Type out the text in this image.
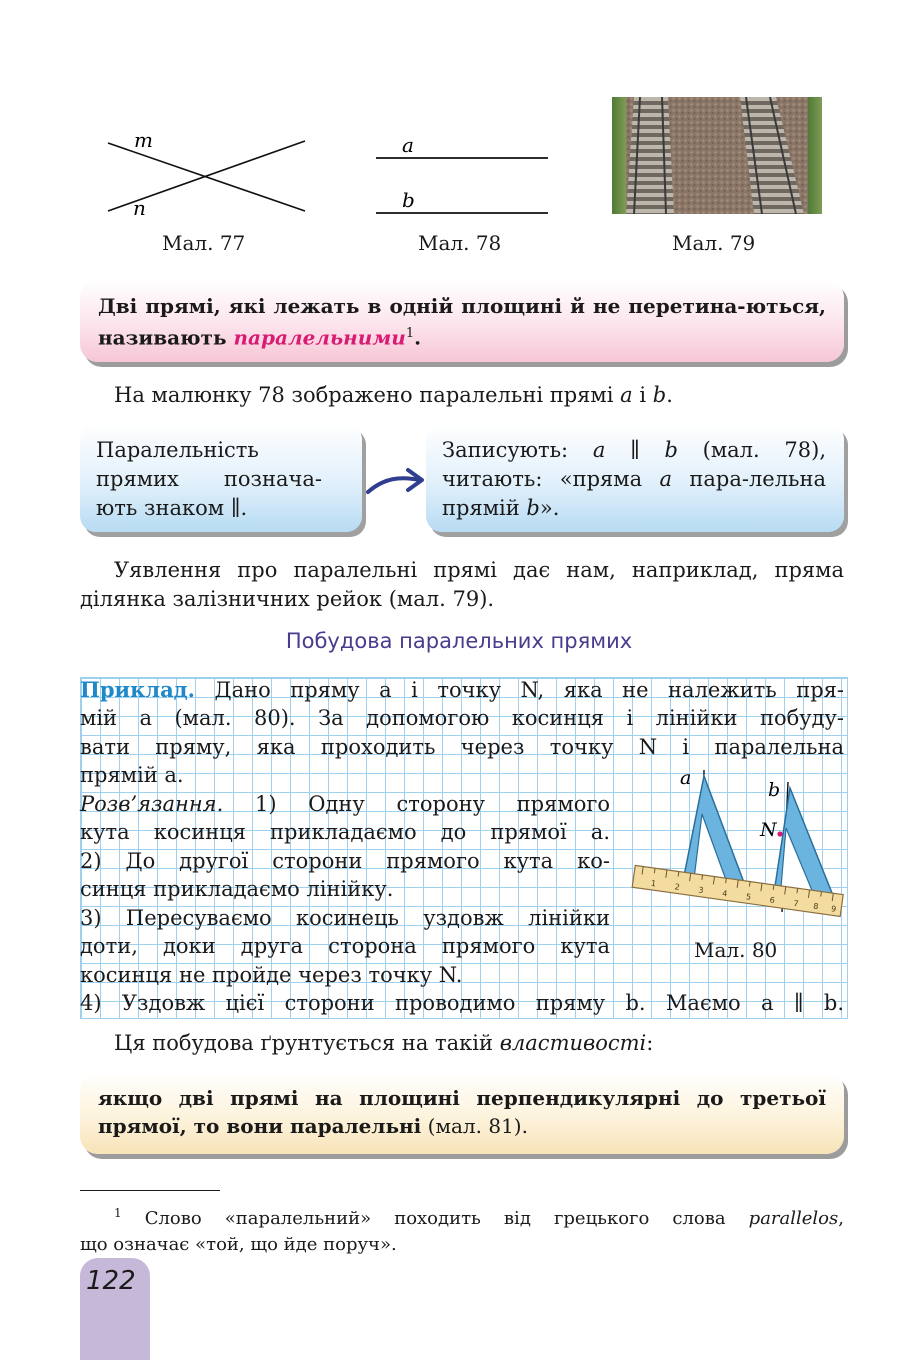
m
n
Мал. 77
a
b
Мал. 78	Мал. 79
Дві прямі, які лежать в одній площині й не перетина-ються, називають паралельними$^1$.
На малюнку 78 зображено паралельні прямі a і b.
Паралельність прямих познача-ють знаком ∥.
Записують: a ∥ b (мал. 78), читають: «пряма a пара-лельна прямій b».
Уявлення про паралельні прямі дає нам, наприклад, пряма ділянка залізничних рейок (мал. 79).
Побудова паралельних прямих
Приклад. Дано пряму a і точку N, яка не належить пря-
мій a (мал. 80). За допомогою косинця і лінійки побуду-
вати пряму, яка проходить через точку N і паралельна
прямій a.
Розв’язання. 1) Одну сторону прямого
кута косинця прикладаємо до прямої a.
2) До другої сторони прямого кута ко-
синця прикладаємо лінійку.
3) Пересуваємо косинець уздовж лінійки
доти, доки друга сторона прямого кута
косинця не пройде через точку N.
4) Уздовж цієї сторони проводимо пряму b. Маємо a ∥ b.
1 2 3 4 5 6 7 8 9
a
b
N
Мал. 80
Ця побудова ґрунтується на такій властивості:
якщо дві прямі на площині перпендикулярні до третьої прямої, то вони паралельні (мал. 81).
$^1$ Слово «паралельний» походить від грецького слова parallelos,
що означає «той, що йде поруч».
122
